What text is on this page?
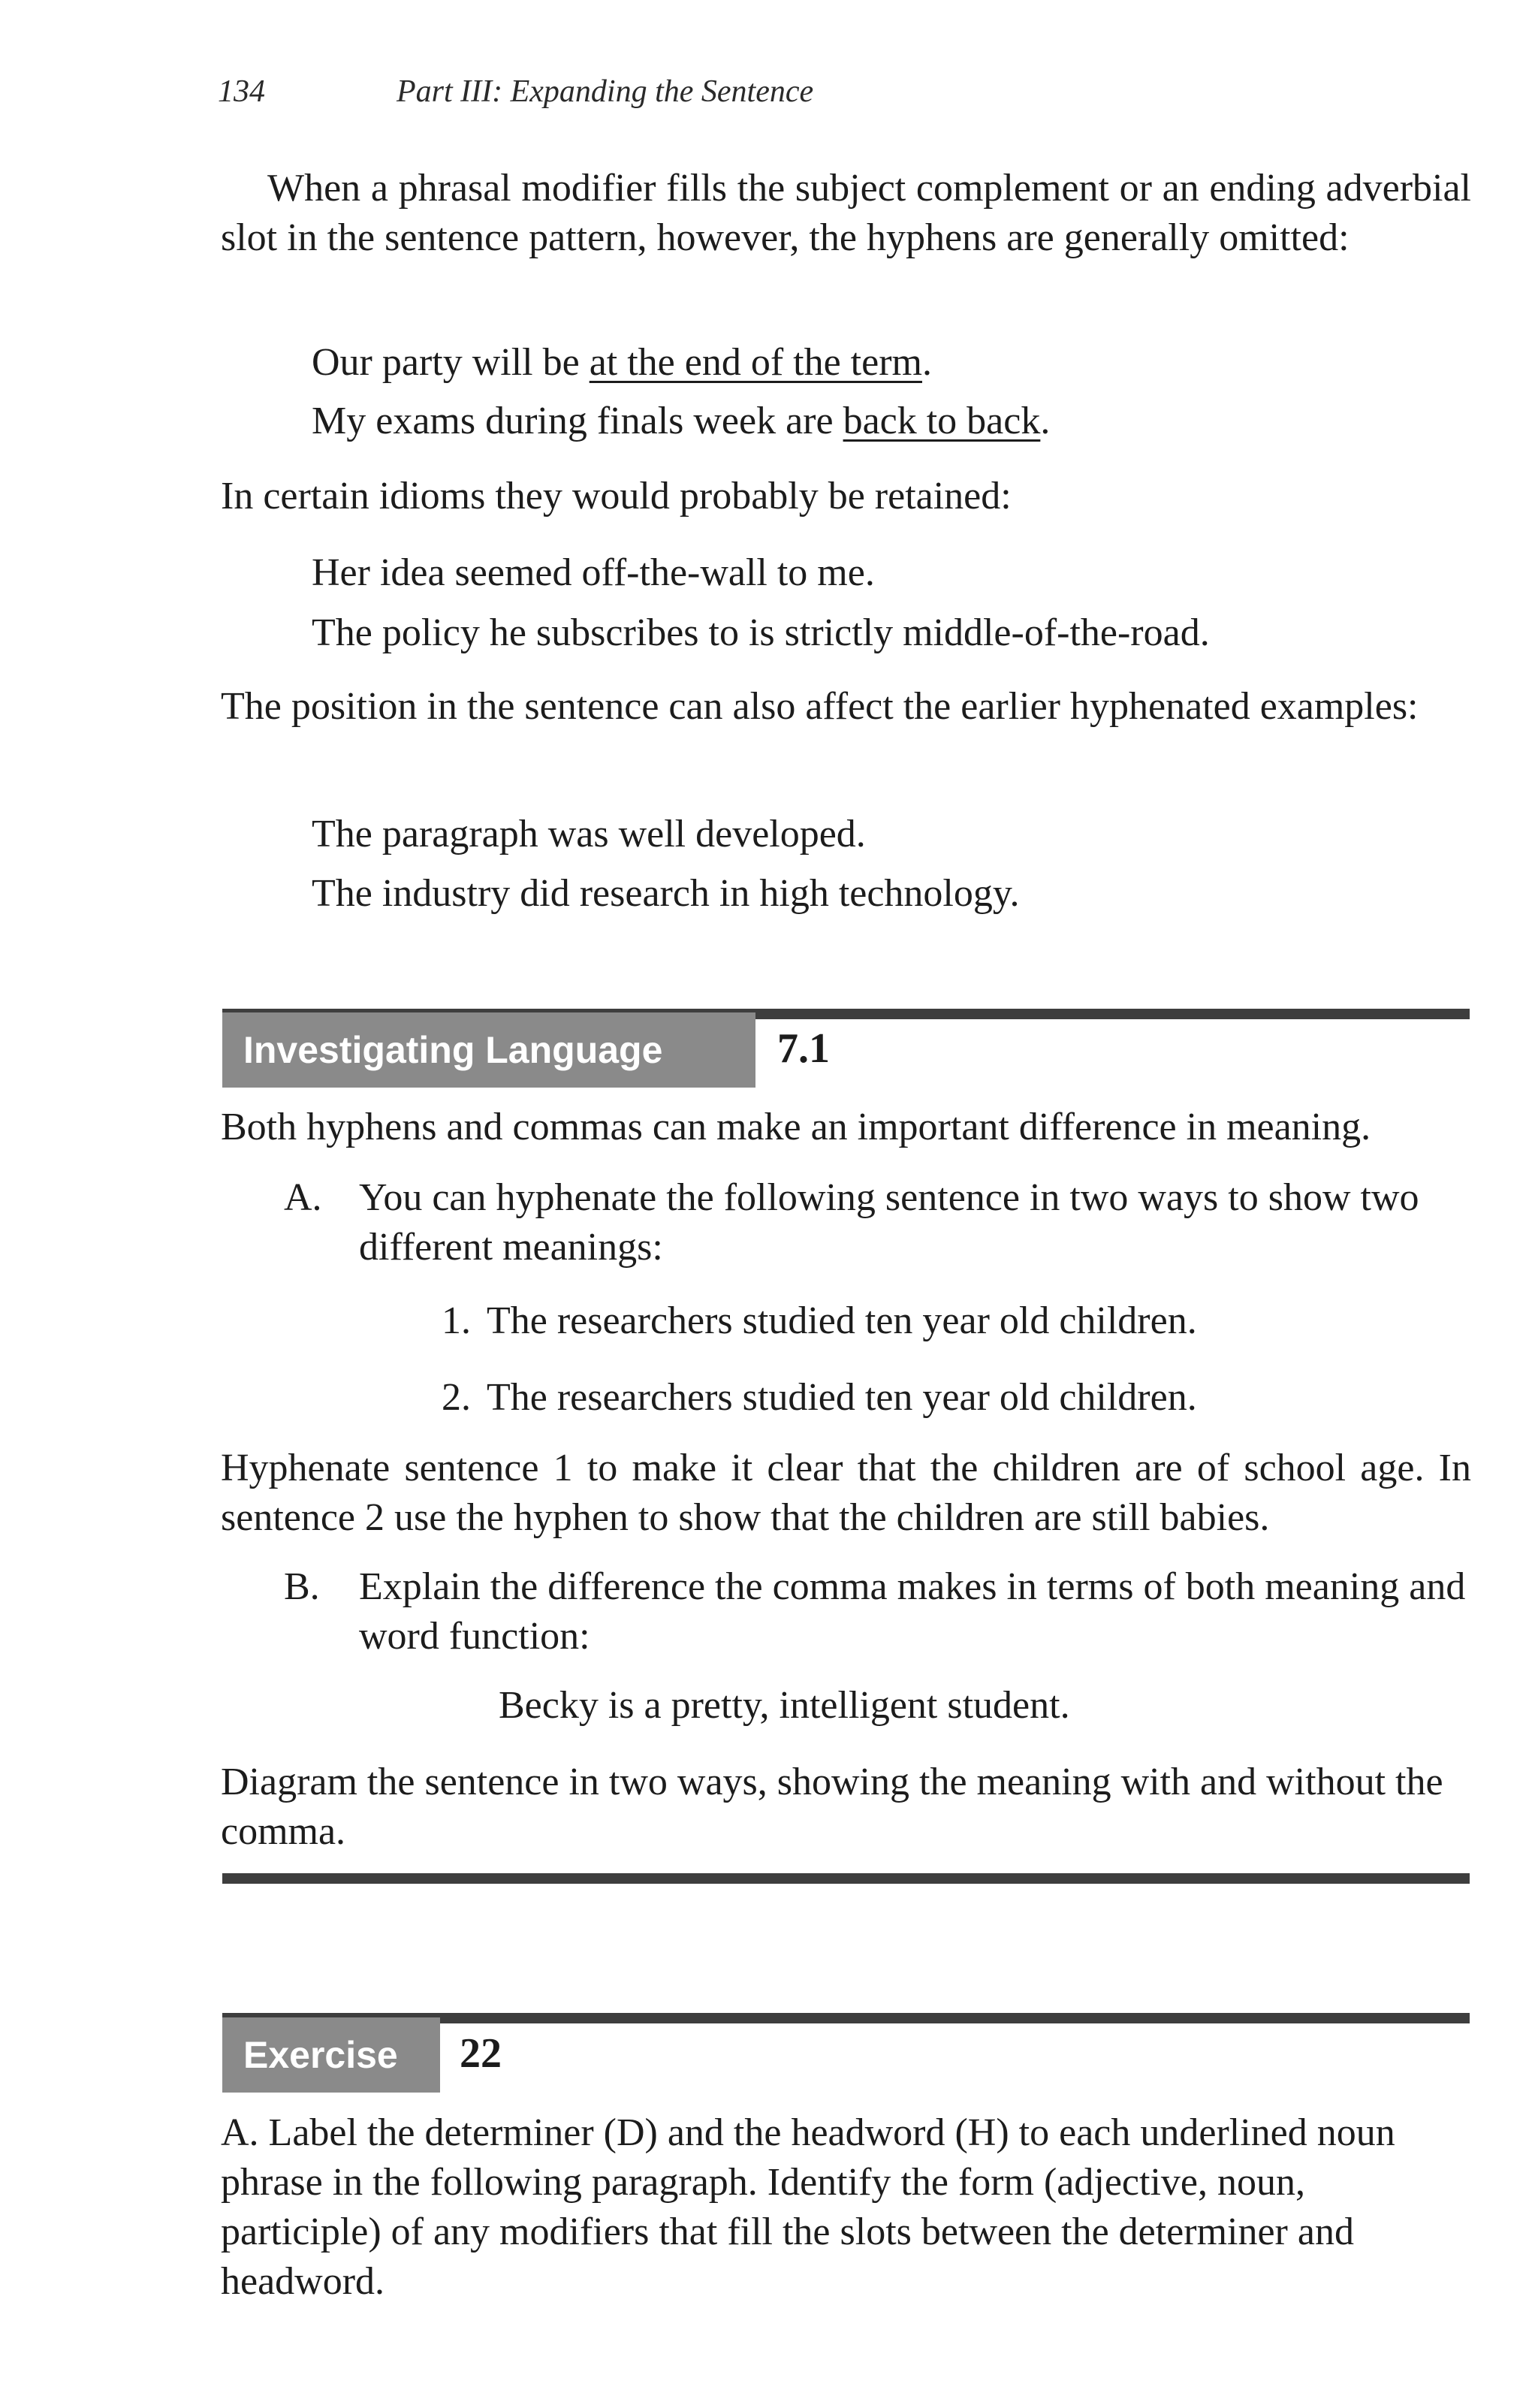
134	Part III: Expanding the Sentence

When a phrasal modifier fills the subject complement or an ending adverbial slot in the sentence pattern, however, the hyphens are generally omitted:

Our party will be at the end of the term.

My exams during finals week are back to back.

In certain idioms they would probably be retained:

Her idea seemed off-the-wall to me.

The policy he subscribes to is strictly middle-of-the-road.

The position in the sentence can also affect the earlier hyphenated examples:

The paragraph was well developed.

The industry did research in high technology.

Investigating Language	7.1

Both hyphens and commas can make an important difference in meaning.

A. You can hyphenate the following sentence in two ways to show two different meanings:
1. The researchers studied ten year old children.
2. The researchers studied ten year old children.

Hyphenate sentence 1 to make it clear that the children are of school age. In sentence 2 use the hyphen to show that the children are still babies.

B. Explain the difference the comma makes in terms of both meaning and word function:

Becky is a pretty, intelligent student.

Diagram the sentence in two ways, showing the meaning with and without the comma.

Exercise	22

A. Label the determiner (D) and the headword (H) to each underlined noun phrase in the following paragraph. Identify the form (adjective, noun, participle) of any modifiers that fill the slots between the determiner and headword.
